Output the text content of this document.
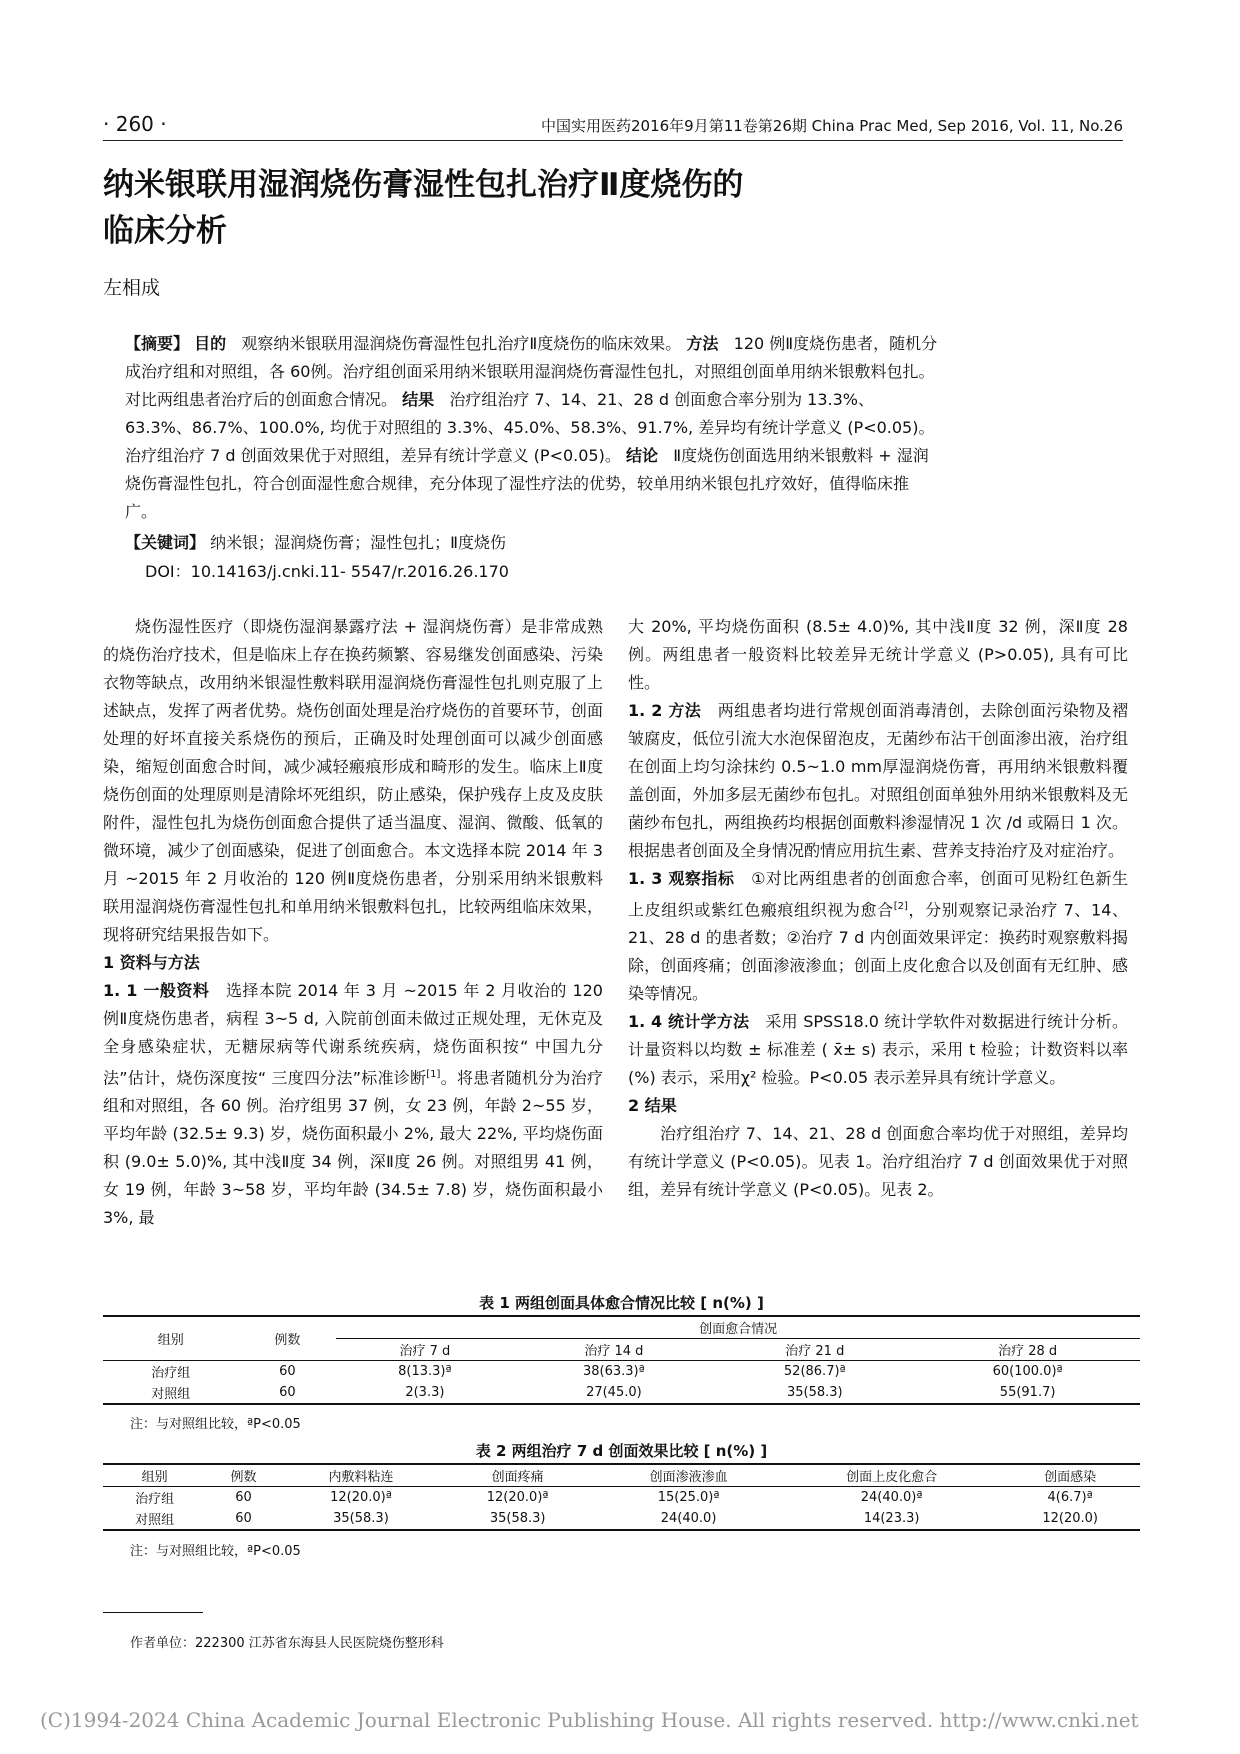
· 260 ·	中国实用医药2016年9月第11卷第26期 China Prac Med, Sep 2016, Vol. 11, No.26
纳米银联用湿润烧伤膏湿性包扎治疗Ⅱ度烧伤的
临床分析
左相成

【摘要】 目的 观察纳米银联用湿润烧伤膏湿性包扎治疗Ⅱ度烧伤的临床效果。 方法 120 例Ⅱ度烧伤患者，随机分成治疗组和对照组，各 60例。治疗组创面采用纳米银联用湿润烧伤膏湿性包扎，对照组创面单用纳米银敷料包扎。对比两组患者治疗后的创面愈合情况。 结果 治疗组治疗 7、14、21、28 d 创面愈合率分别为 13.3%、63.3%、86.7%、100.0%, 均优于对照组的 3.3%、45.0%、58.3%、91.7%, 差异均有统计学意义 (P<0.05)。治疗组治疗 7 d 创面效果优于对照组，差异有统计学意义 (P<0.05)。 结论 Ⅱ度烧伤创面选用纳米银敷料 + 湿润烧伤膏湿性包扎，符合创面湿性愈合规律，充分体现了湿性疗法的优势，较单用纳米银包扎疗效好，值得临床推广。

【关键词】 纳米银；湿润烧伤膏；湿性包扎；Ⅱ度烧伤
DOI：10.14163/j.cnki.11- 5547/r.2016.26.170

烧伤湿性医疗（即烧伤湿润暴露疗法 + 湿润烧伤膏）是非常成熟的烧伤治疗技术，但是临床上存在换药频繁、容易继发创面感染、污染衣物等缺点，改用纳米银湿性敷料联用湿润烧伤膏湿性包扎则克服了上述缺点，发挥了两者优势。烧伤创面处理是治疗烧伤的首要环节，创面处理的好坏直接关系烧伤的预后，正确及时处理创面可以减少创面感染，缩短创面愈合时间，减少减轻瘢痕形成和畸形的发生。临床上Ⅱ度烧伤创面的处理原则是清除坏死组织，防止感染，保护残存上皮及皮肤附件，湿性包扎为烧伤创面愈合提供了适当温度、湿润、微酸、低氧的微环境，减少了创面感染，促进了创面愈合。本文选择本院 2014 年 3 月 ~2015 年 2 月收治的 120 例Ⅱ度烧伤患者，分别采用纳米银敷料联用湿润烧伤膏湿性包扎和单用纳米银敷料包扎，比较两组临床效果，现将研究结果报告如下。

1 资料与方法

1. 1 一般资料 选择本院 2014 年 3 月 ~2015 年 2 月收治的 120 例Ⅱ度烧伤患者，病程 3~5 d, 入院前创面未做过正规处理，无休克及全身感染症状，无糖尿病等代谢系统疾病，烧伤面积按“ 中国九分法”估计，烧伤深度按“ 三度四分法”标准诊断[1]。将患者随机分为治疗组和对照组，各 60 例。治疗组男 37 例，女 23 例，年龄 2~55 岁，平均年龄 (32.5± 9.3) 岁，烧伤面积最小 2%, 最大 22%, 平均烧伤面积 (9.0± 5.0)%, 其中浅Ⅱ度 34 例，深Ⅱ度 26 例。对照组男 41 例，女 19 例，年龄 3~58 岁，平均年龄 (34.5± 7.8) 岁，烧伤面积最小 3%, 最

大 20%, 平均烧伤面积 (8.5± 4.0)%, 其中浅Ⅱ度 32 例，深Ⅱ度 28 例。两组患者一般资料比较差异无统计学意义 (P>0.05), 具有可比性。

1. 2 方法 两组患者均进行常规创面消毒清创，去除创面污染物及褶皱腐皮，低位引流大水泡保留泡皮，无菌纱布沾干创面渗出液，治疗组在创面上均匀涂抹约 0.5~1.0 mm厚湿润烧伤膏，再用纳米银敷料覆盖创面，外加多层无菌纱布包扎。对照组创面单独外用纳米银敷料及无菌纱布包扎，两组换药均根据创面敷料渗湿情况 1 次 /d 或隔日 1 次。根据患者创面及全身情况酌情应用抗生素、营养支持治疗及对症治疗。

1. 3 观察指标 ①对比两组患者的创面愈合率，创面可见粉红色新生上皮组织或紫红色瘢痕组织视为愈合[2]，分别观察记录治疗 7、14、21、28 d 的患者数；②治疗 7 d 内创面效果评定：换药时观察敷料揭除，创面疼痛；创面渗液渗血；创面上皮化愈合以及创面有无红肿、感染等情况。

1. 4 统计学方法 采用 SPSS18.0 统计学软件对数据进行统计分析。计量资料以均数 ± 标准差 ( x̄± s) 表示，采用 t 检验；计数资料以率 (%) 表示，采用χ² 检验。P<0.05 表示差异具有统计学意义。

2 结果

治疗组治疗 7、14、21、28 d 创面愈合率均优于对照组，差异均有统计学意义 (P<0.05)。见表 1。治疗组治疗 7 d 创面效果优于对照组，差异有统计学意义 (P<0.05)。见表 2。

表 1 两组创面具体愈合情况比较 [ n(%) ]
组别	例数	创面愈合情况			
		治疗 7 d	治疗 14 d	治疗 21 d	治疗 28 d
治疗组	60	8(13.3)ª	38(63.3)ª	52(86.7)ª	60(100.0)ª
对照组	60	2(3.3)	27(45.0)	35(58.3)	55(91.7)
注：与对照组比较，ªP<0.05
表 2 两组治疗 7 d 创面效果比较 [ n(%) ]
组别	例数	内敷料粘连	创面疼痛	创面渗液渗血	创面上皮化愈合	创面感染
治疗组	60	12(20.0)ª	12(20.0)ª	15(25.0)ª	24(40.0)ª	4(6.7)ª
对照组	60	35(58.3)	35(58.3)	24(40.0)	14(23.3)	12(20.0)
注：与对照组比较，ªP<0.05
作者单位：222300 江苏省东海县人民医院烧伤整形科
(C)1994-2024 China Academic Journal Electronic Publishing House. All rights reserved. http://www.cnki.net
